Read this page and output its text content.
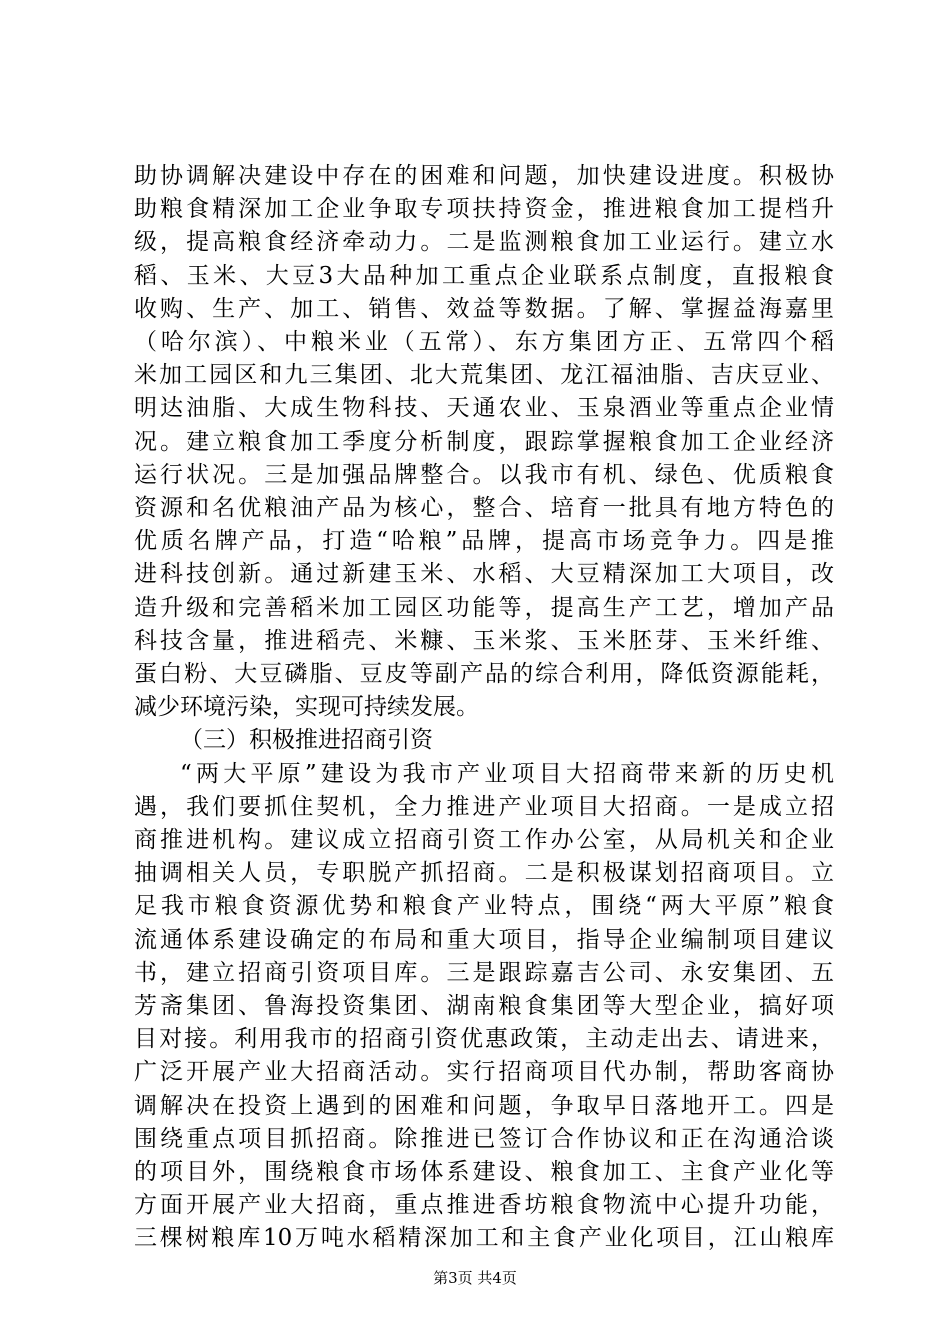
助协调解决建设中存在的困难和问题，加快建设进度。积极协
助粮食精深加工企业争取专项扶持资金，推进粮食加工提档升
级，提高粮食经济牵动力。二是监测粮食加工业运行。建立水
稻、玉米、大豆3大品种加工重点企业联系点制度，直报粮食
收购、生产、加工、销售、效益等数据。了解、掌握益海嘉里
（哈尔滨）、中粮米业（五常）、东方集团方正、五常四个稻
米加工园区和九三集团、北大荒集团、龙江福油脂、吉庆豆业、
明达油脂、大成生物科技、天通农业、玉泉酒业等重点企业情
况。建立粮食加工季度分析制度，跟踪掌握粮食加工企业经济
运行状况。三是加强品牌整合。以我市有机、绿色、优质粮食
资源和名优粮油产品为核心，整合、培育一批具有地方特色的
优质名牌产品，打造“哈粮”品牌，提高市场竞争力。四是推
进科技创新。通过新建玉米、水稻、大豆精深加工大项目，改
造升级和完善稻米加工园区功能等，提高生产工艺，增加产品
科技含量，推进稻壳、米糠、玉米浆、玉米胚芽、玉米纤维、
蛋白粉、大豆磷脂、豆皮等副产品的综合利用，降低资源能耗，
减少环境污染，实现可持续发展。
（三）积极推进招商引资
“两大平原”建设为我市产业项目大招商带来新的历史机
遇，我们要抓住契机，全力推进产业项目大招商。一是成立招
商推进机构。建议成立招商引资工作办公室，从局机关和企业
抽调相关人员，专职脱产抓招商。二是积极谋划招商项目。立
足我市粮食资源优势和粮食产业特点，围绕“两大平原”粮食
流通体系建设确定的布局和重大项目，指导企业编制项目建议
书，建立招商引资项目库。三是跟踪嘉吉公司、永安集团、五
芳斋集团、鲁海投资集团、湖南粮食集团等大型企业，搞好项
目对接。利用我市的招商引资优惠政策，主动走出去、请进来，
广泛开展产业大招商活动。实行招商项目代办制，帮助客商协
调解决在投资上遇到的困难和问题，争取早日落地开工。四是
围绕重点项目抓招商。除推进已签订合作协议和正在沟通洽谈
的项目外，围绕粮食市场体系建设、粮食加工、主食产业化等
方面开展产业大招商，重点推进香坊粮食物流中心提升功能，
三棵树粮库10万吨水稻精深加工和主食产业化项目，江山粮库
第3页 共4页
